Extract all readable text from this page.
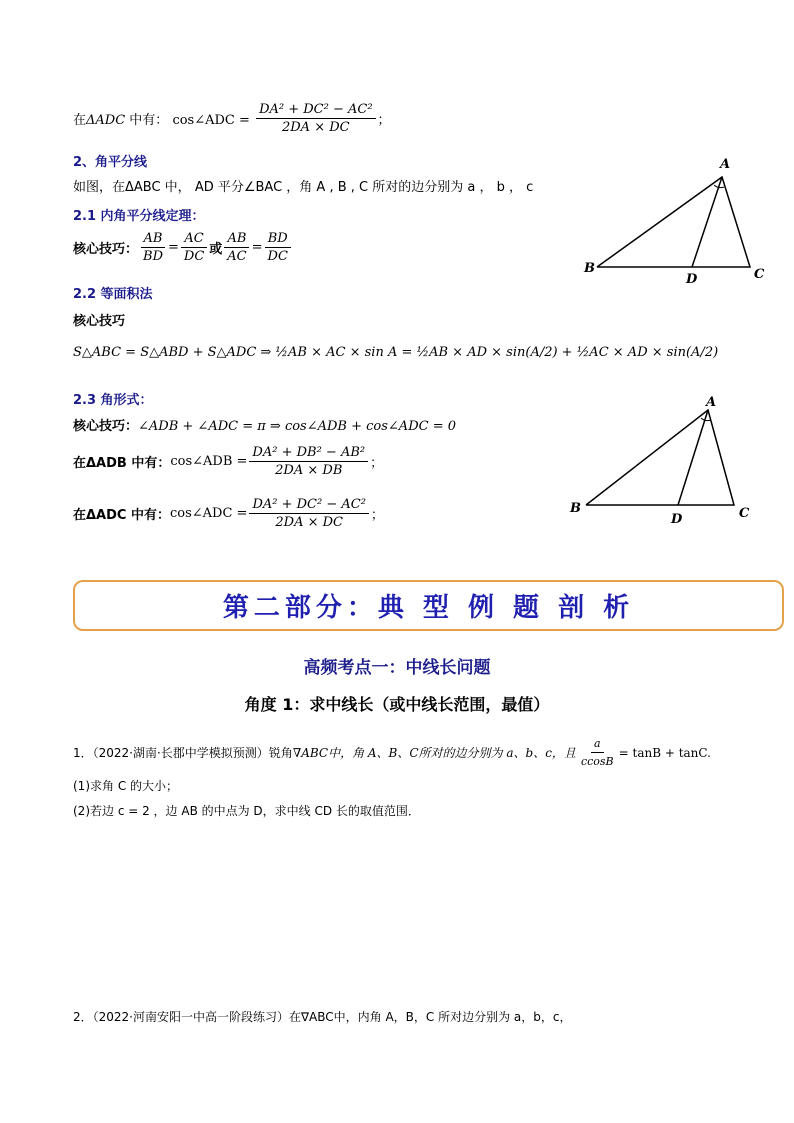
在ΔADC 中有： cos∠ADC = $\frac{\text{DA² + DC² − AC²}}{2DA \times DC}$ ；
2、角平分线
如图，在ΔABC 中， AD 平分∠BAC ，角 A , B , C 所对的边分别为 a ， b ， c
2.1 内角平分线定理：
核心技巧： $\frac{AB}{BD} = \frac{AC}{DC}$ 或 $\frac{AB}{AC} = \frac{BD}{DC}$
2.2 等面积法
核心技巧
S△ABC = S△ABD + S△ADC ⇒ ½AB × AC × sin A = ½AB × AD × sin(A/2) + ½AC × AD × sin(A/2)
2.3 角形式：
核心技巧：∠ADB + ∠ADC = π ⇒ cos∠ADB + cos∠ADC = 0
在ΔADB 中有： cos∠ADB = $\frac{\text{DA² + DB² − AB²}}{2DA \times DB}$ ；
在ΔADC 中有： cos∠ADC = $\frac{\text{DA² + DC² − AC²}}{2DA \times DC}$ ；
A
B	C
D
A
B	C
D
第二部分：典 型 例 题 剖 析
高频考点一：中线长问题
角度 1：求中线长（或中线长范围，最值）
1．（2022·湖南·长郡中学模拟预测）锐角 ∇ABC中，角 A、B、C所对的边分别为 a、b、c，且 $\frac{a}{ccosB} = \tan B + \tan C$.
(1)求角 C 的大小；
(2)若边 c = 2 ，边 AB 的中点为 D，求中线 CD 长的取值范围．
2．（2022·河南安阳一中高一阶段练习）在∇ABC中，内角 A，B，C 所对边分别为 a，b，c，
